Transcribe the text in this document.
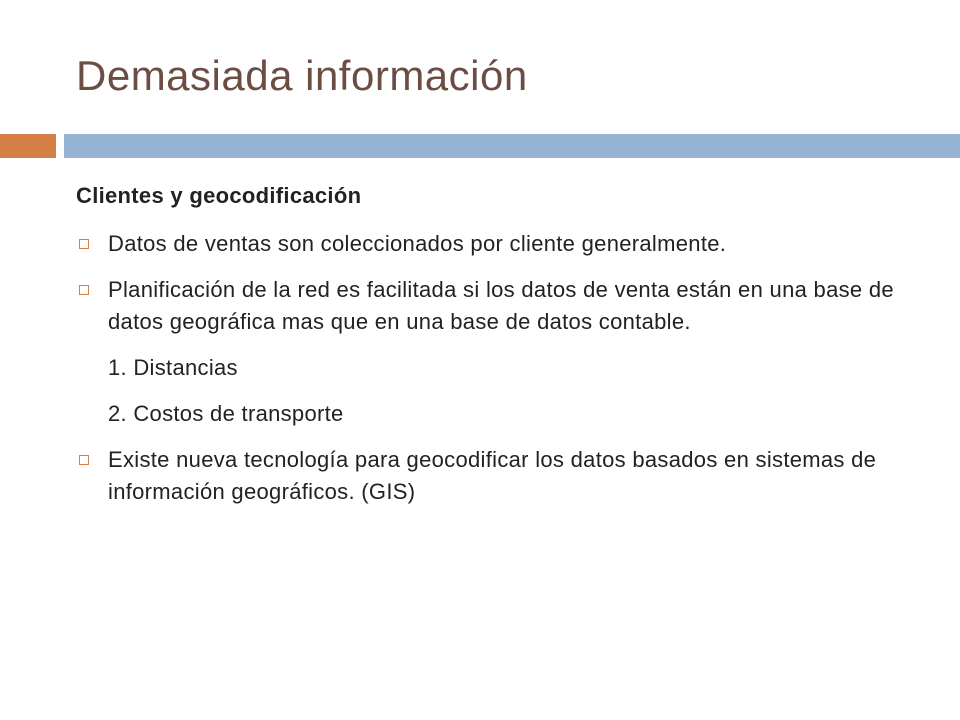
Demasiada información
Clientes y geocodificación
Datos de ventas son coleccionados por cliente generalmente.
Planificación de la red es facilitada si los datos de venta están en una base de datos geográfica mas que en una base de datos contable.
1. Distancias
2. Costos de transporte
Existe nueva tecnología para geocodificar los datos basados en sistemas de información geográficos. (GIS)
